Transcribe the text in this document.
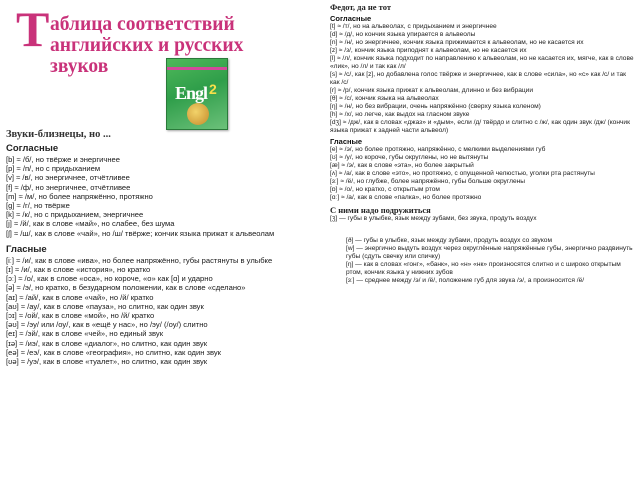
Т аблица соответствий
английских и русских
звуков
Engl 2
Звуки-близнецы, но ...
Согласные
[b] ≈ /б/, но твёрже и энергичнее
[p] ≈ /п/, но с придыханием
[v] ≈ /в/, но энергичнее, отчётливее
[f] ≈ /ф/, но энергичнее, отчётливее
[m] ≈ /м/, но более напряжённо, протяжно
[g] ≈ /г/, но твёрже
[k] ≈ /к/, но с придыханием, энергичнее
[j] ≈ /й/, как в слове «май», но слабее, без шума
[ʃ] ≈ /ш/, как в слове «чай», но /ш/ твёрже; кончик языка прижат к альвеолам
Гласные
[iː] ≈ /и/, как в слове «ива», но более напряжённо, губы растянуты в улыбке
[ɪ] ≈ /и/, как в слове «история», но кратко
[ɔː] ≈ /о/, как в слове «оса», но короче, «о» как [ɑ] и ударно
[ə] ≈ /э/, но кратко, в безударном положении, как в слове «сделано»
[aɪ] ≈ /ай/, как в слове «чай», но /й/ кратко
[aʊ] ≈ /ау/, как в слове «пауза», но слитно, как один звук
[ɔɪ] ≈ /ой/, как в слове «мой», но /й/ кратко
[əʊ] ≈ /эу/ или /оу/, как в «ещё у нас», но /эу/ (/оу/) слитно
[eɪ] ≈ /эй/, как в слове «чей», но единый звук
[ɪə] ≈ /иэ/, как в слове «диалог», но слитно, как один звук
[eə] ≈ /еэ/, как в слове «география», но слитно, как один звук
[ʊə] ≈ /уэ/, как в слове «туалет», но слитно, как один звук
Федот, да не тот
Согласные
[t] ≈ /т/, но на альвеолах, с придыханием и энергичнее
[d] ≈ /д/, но кончик языка упирается в альвеолы
[n] ≈ /н/, но энергичнее, кончик языка прижимается к альвеолам, но не касается их
[z] ≈ /з/, кончик языка приподнят к альвеолам, но не касается их
[l] ≈ /л/, кончик языка подходит по направлению к альвеолам, но не касается их, мягче, как в слове «лик», но /л/ и так как /л/
[s] ≈ /с/, как [z], но добавлена голос твёрже и энергичнее, как в слове «сила», но «с» как /с/ и так как /с/
[r] ≈ /р/, кончик языка прижат к альвеолам, длинно и без вибрации
[θ] ≈ /с/, кончик языка на альвеолах
[ŋ] ≈ /н/, но без вибрации, очень напряжённо (сверху языка коленом)
[h] ≈ /х/, но легче, как выдох на гласном звуке
[dʒ] ≈ /дж/, как в словах «джаз» и «дым», если /д/ твёрдо и слитно с /ж/, как один звук /дж/ (кончик языка прижат к задней части альвеол)
Гласные
[e] ≈ /э/, но более протяжно, напряжённо, с мелкими выделениями губ
[ʊ] ≈ /у/, но короче, губы округлены, но не вытянуты
[æ] ≈ /э/, как в слове «эта», но более закрытый
[ʌ] ≈ /а/, как в слове «это», но протяжно, с опущенной челюстью, уголки рта растянуты
[ɜː] ≈ /ё/, но глубже, более напряжённо, губы больше округлены
[ɒ] ≈ /о/, но кратко, с открытым ртом
[ɑː] ≈ /а/, как в слове «палка», но более протяжно
С ними надо подружиться
[ʒ] — губы в улыбке, язык между зубами, без звука, продуть воздух
[ð] — губы в улыбке, язык между зубами, продуть воздух со звуком
[w] — энергично выдуть воздух через округлённые напряжённые губы, энергично раздвинуть губы (сдуть свечку или спичку)
[ŋ] — как в словах «гонг», «банк», но «н» «нк» произносятся слитно и с широко открытым ртом, кончик языка у нижних зубов
[ɜː] — среднее между /э/ и /ё/, положение губ для звука /э/, а произносится /ё/
